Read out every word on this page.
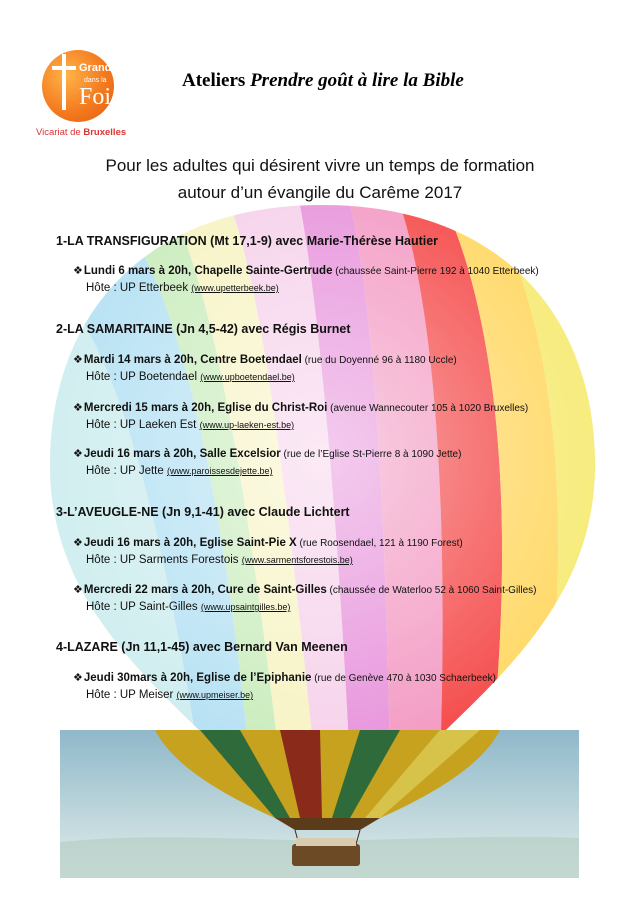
Grandir
dans la
Foi
Vicariat de Bruxelles
Ateliers Prendre goût à lire la Bible
Pour les adultes qui désirent vivre un temps de formation
autour d’un évangile du Carême 2017
1-LA TRANSFIGURATION (Mt 17,1-9) avec Marie-Thérèse Hautier
❖Lundi 6 mars à 20h, Chapelle Sainte-Gertrude (chaussée Saint-Pierre 192 à 1040 Etterbeek)
Hôte : UP Etterbeek (www.upetterbeek.be)
2-LA SAMARITAINE (Jn 4,5-42) avec Régis Burnet
❖Mardi 14 mars à 20h, Centre Boetendael (rue du Doyenné 96 à 1180 Uccle)
Hôte : UP Boetendael (www.upboetendael.be)
❖Mercredi 15 mars à 20h, Eglise du Christ-Roi (avenue Wannecouter 105 à 1020 Bruxelles)
Hôte : UP Laeken Est (www.up-laeken-est.be)
❖Jeudi 16 mars à 20h, Salle Excelsior (rue de l’Eglise St-Pierre 8 à 1090 Jette)
Hôte : UP Jette (www.paroissesdejette.be)
3-L’AVEUGLE-NE (Jn 9,1-41) avec Claude Lichtert
❖Jeudi 16 mars à 20h, Eglise Saint-Pie X (rue Roosendael, 121 à 1190 Forest)
Hôte : UP Sarments Forestois (www.sarmentsforestois.be)
❖Mercredi 22 mars à 20h, Cure de Saint-Gilles (chaussée de Waterloo 52 à 1060 Saint-Gilles)
Hôte : UP Saint-Gilles (www.upsaintgilles.be)
4-LAZARE (Jn 11,1-45) avec Bernard Van Meenen
❖Jeudi 30mars à 20h, Eglise de l’Epiphanie (rue de Genève 470 à 1030 Schaerbeek)
Hôte : UP Meiser (www.upmeiser.be)
